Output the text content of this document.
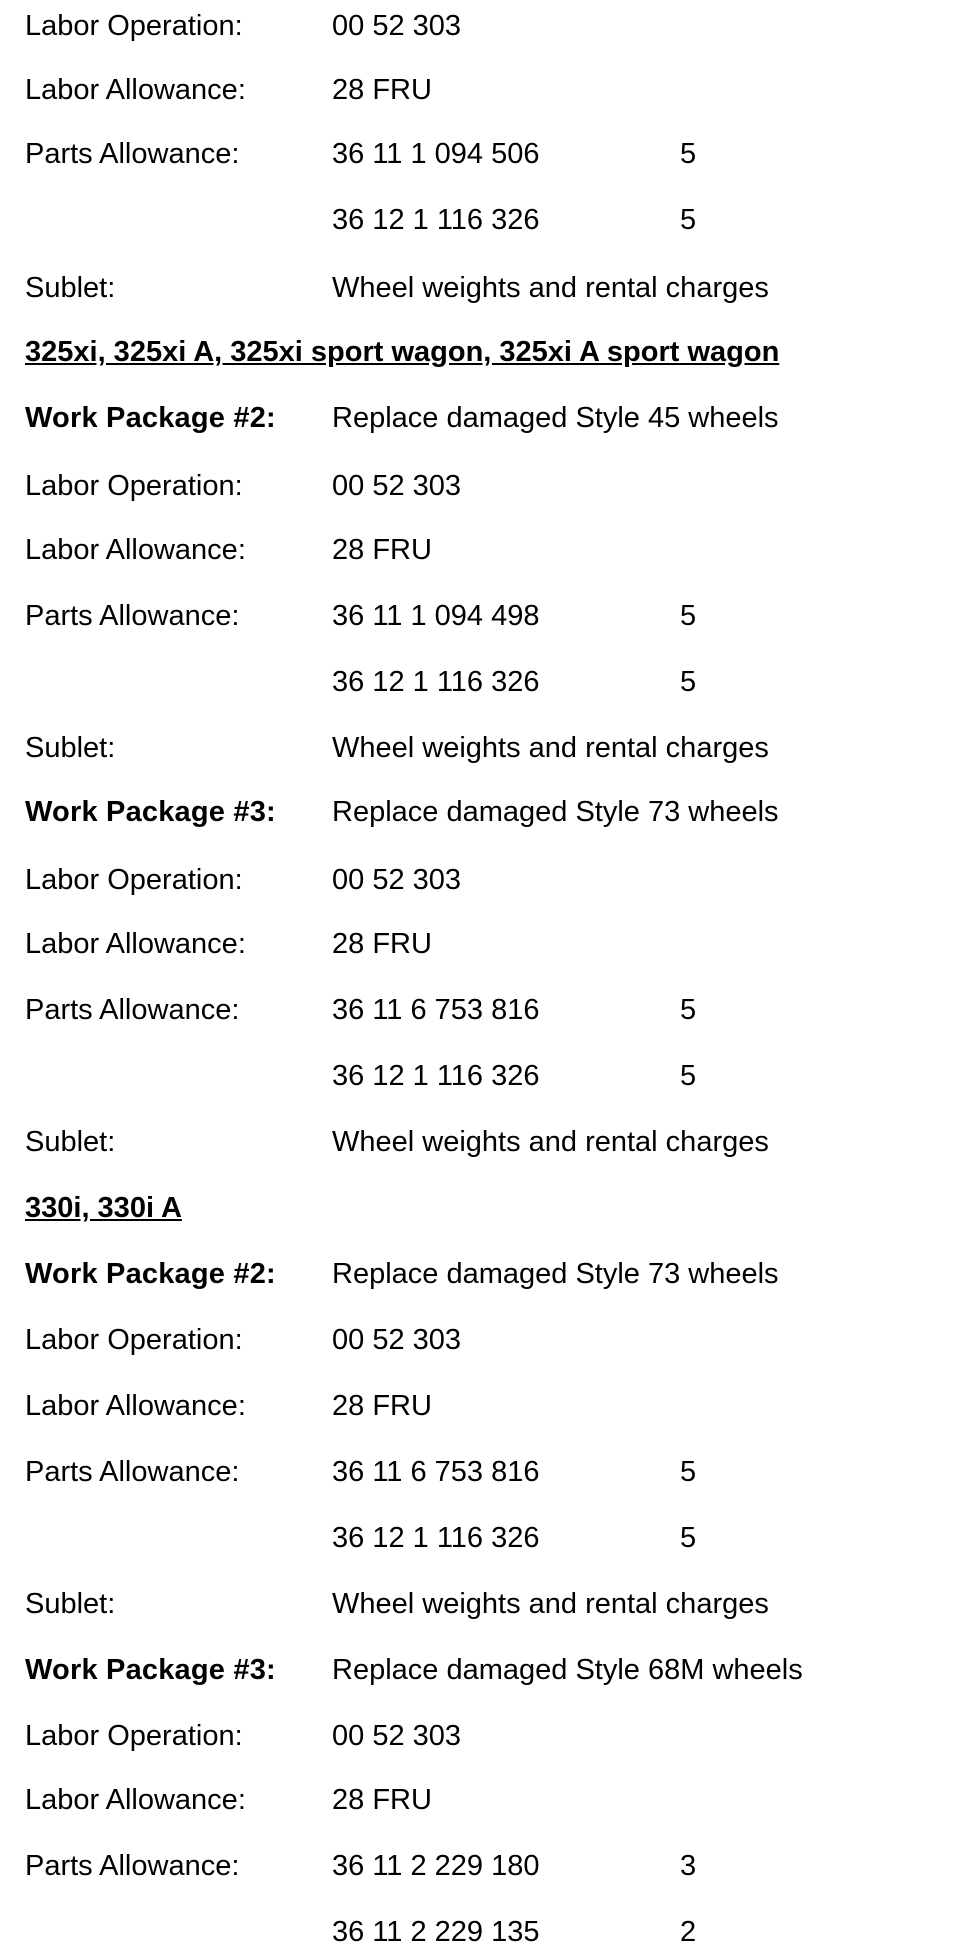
Labor Operation:	00 52 303
Labor Allowance:	28 FRU
Parts Allowance:	36 11 1 094 506	5
36 12 1 116 326	5
Sublet:	Wheel weights and rental charges
325xi, 325xi A, 325xi sport wagon, 325xi A sport wagon
Work Package #2: Replace damaged Style 45 wheels
Labor Operation:	00 52 303
Labor Allowance:	28 FRU
Parts Allowance:	36 11 1 094 498	5
36 12 1 116 326	5
Sublet:	Wheel weights and rental charges
Work Package #3: Replace damaged Style 73 wheels
Labor Operation:	00 52 303
Labor Allowance:	28 FRU
Parts Allowance:	36 11 6 753 816	5
36 12 1 116 326	5
Sublet:	Wheel weights and rental charges
330i, 330i A
Work Package #2: Replace damaged Style 73 wheels
Labor Operation:	00 52 303
Labor Allowance:	28 FRU
Parts Allowance:	36 11 6 753 816	5
36 12 1 116 326	5
Sublet:	Wheel weights and rental charges
Work Package #3: Replace damaged Style 68M wheels
Labor Operation:	00 52 303
Labor Allowance:	28 FRU
Parts Allowance:	36 11 2 229 180	3
36 11 2 229 135	2
